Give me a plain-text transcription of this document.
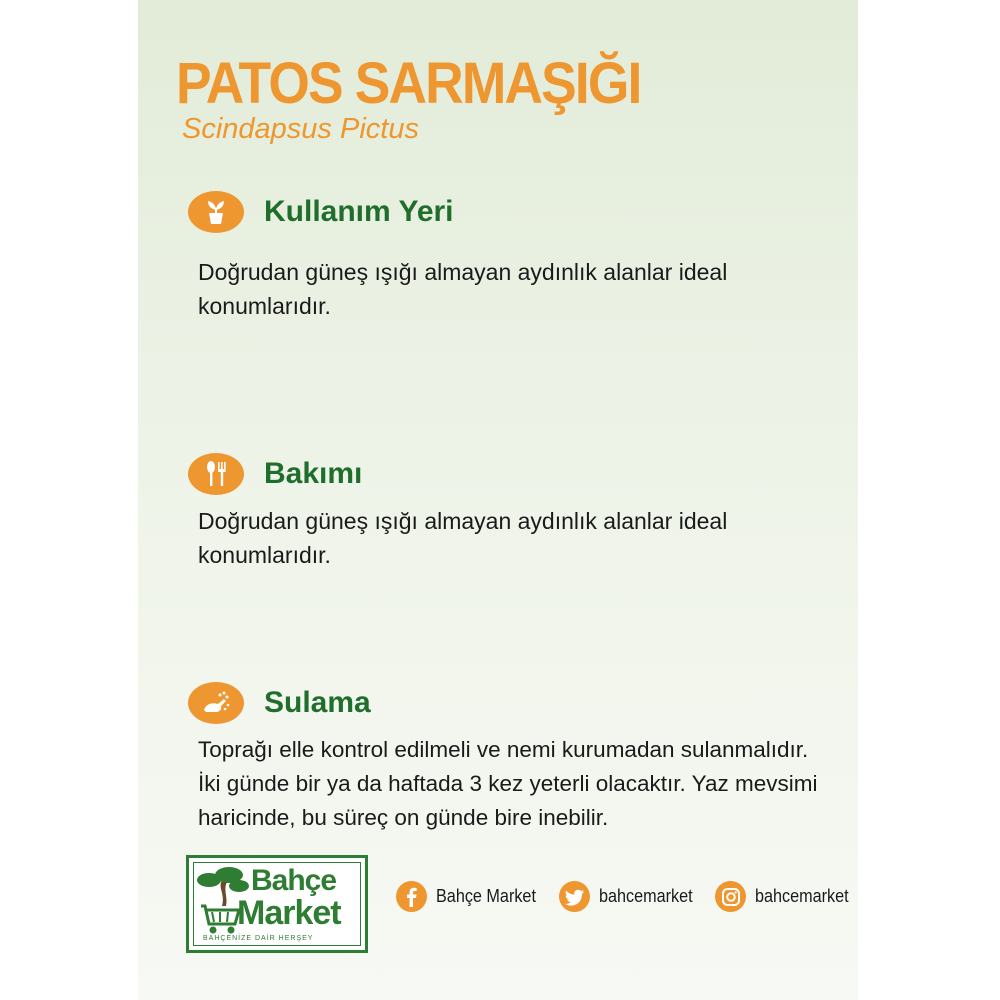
PATOS SARMAŞIĞI
Scindapsus Pictus
Kullanım Yeri
Doğrudan güneş ışığı almayan aydınlık alanlar ideal
konumlarıdır.
Bakımı
Doğrudan güneş ışığı almayan aydınlık alanlar ideal
konumlarıdır.
Sulama
Toprağı elle kontrol edilmeli ve nemi kurumadan sulanmalıdır.
İki günde bir ya da haftada 3 kez yeterli olacaktır. Yaz mevsimi
haricinde, bu süreç on günde bire inebilir.
Bahçe
Market
BAHÇENİZE DAİR HERŞEY
Bahçe Market	bahcemarket	bahcemarket
